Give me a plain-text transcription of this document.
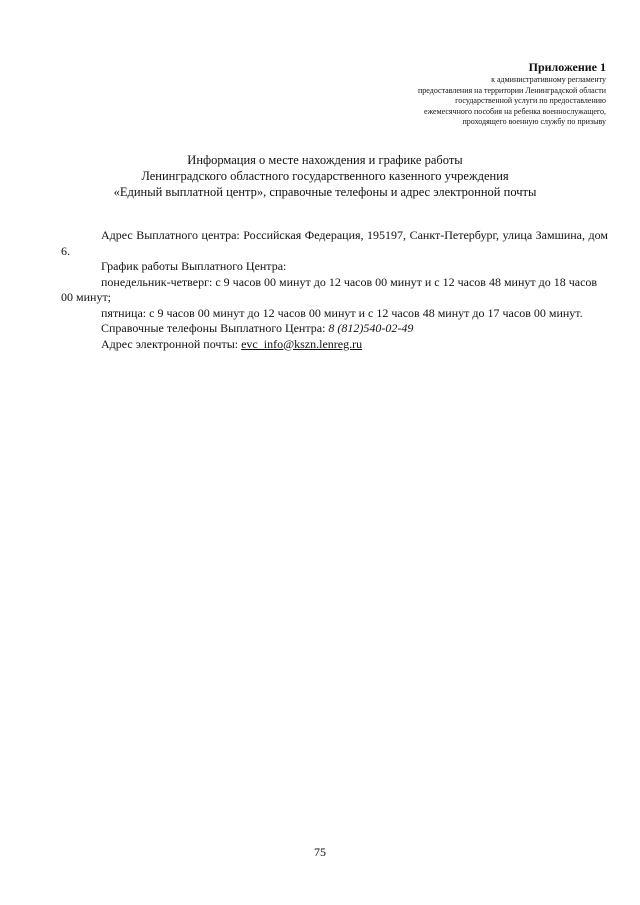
Приложение 1
к административному регламенту
предоставления на территории Ленинградской области
государственной услуги по предоставлению
ежемесячного пособия на ребенка военнослужащего,
проходящего военную службу по призыву
Информация о месте нахождения и графике работы
Ленинградского областного государственного казенного учреждения
«Единый выплатной центр», справочные телефоны и адрес электронной почты

Адрес Выплатного центра: Российская Федерация, 195197, Санкт-Петербург, улица Замшина, дом 6.

График работы Выплатного Центра:

понедельник-четверг: с 9 часов 00 минут до 12 часов 00 минут и с 12 часов 48 минут до 18 часов 00 минут;

пятница: с 9 часов 00 минут до 12 часов 00 минут и с 12 часов 48 минут до 17 часов 00 минут.

Справочные телефоны Выплатного Центра: 8 (812)540-02-49

Адрес электронной почты: evc_info@kszn.lenreg.ru

75
